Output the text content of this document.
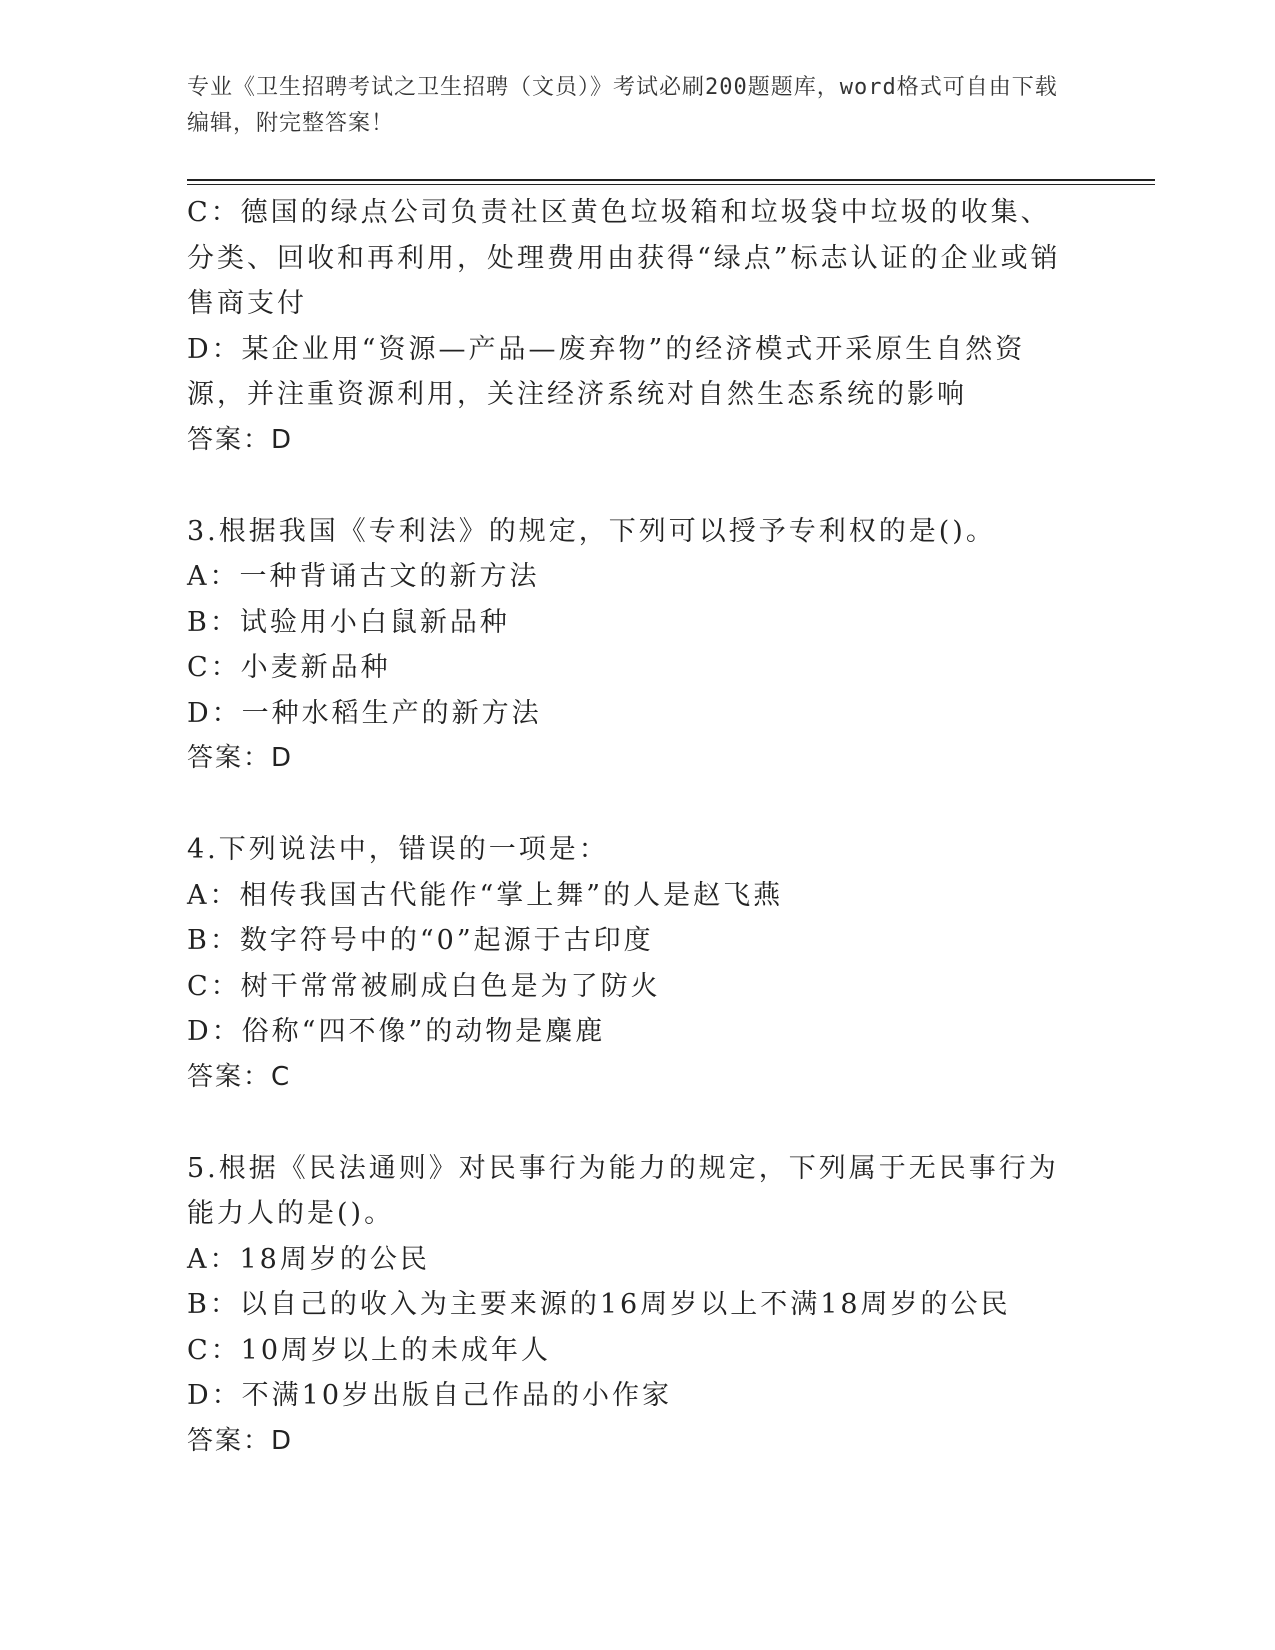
专业《卫生招聘考试之卫生招聘（文员）》考试必刷200题题库，word格式可自由下载编辑，附完整答案！

C：德国的绿点公司负责社区黄色垃圾箱和垃圾袋中垃圾的收集、分类、回收和再利用，处理费用由获得“绿点”标志认证的企业或销售商支付

D：某企业用“资源—产品—废弃物”的经济模式开采原生自然资源，并注重资源利用，关注经济系统对自然生态系统的影响

答案：D

3.根据我国《专利法》的规定，下列可以授予专利权的是()。

A：一种背诵古文的新方法

B：试验用小白鼠新品种

C：小麦新品种

D：一种水稻生产的新方法

答案：D

4.下列说法中，错误的一项是：

A：相传我国古代能作“掌上舞”的人是赵飞燕

B：数字符号中的“0”起源于古印度

C：树干常常被刷成白色是为了防火

D：俗称“四不像”的动物是麋鹿

答案：C

5.根据《民法通则》对民事行为能力的规定，下列属于无民事行为能力人的是()。

A：18周岁的公民

B：以自己的收入为主要来源的16周岁以上不满18周岁的公民

C：10周岁以上的未成年人

D：不满10岁出版自己作品的小作家

答案：D
